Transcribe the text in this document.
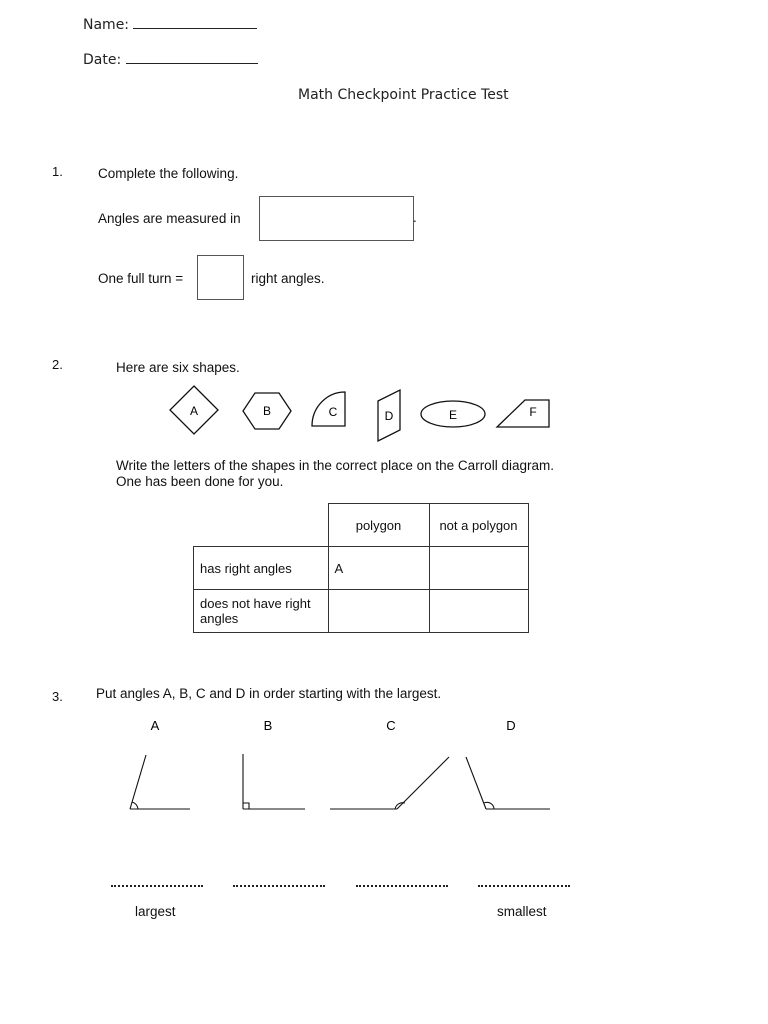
Name:
Date:
Math Checkpoint Practice Test
1.	Complete the following.
Angles are measured in	.
One full turn =	right angles.
2.	Here are six shapes.
A	B	C	D	E	F
Write the letters of the shapes in the correct place on the Carroll diagram.
One has been done for you.
	polygon	not a polygon
has right angles	A	
does not have right angles		
3. Put angles A, B, C and D in order starting with the largest.
A	B	C	D
largest	smallest
